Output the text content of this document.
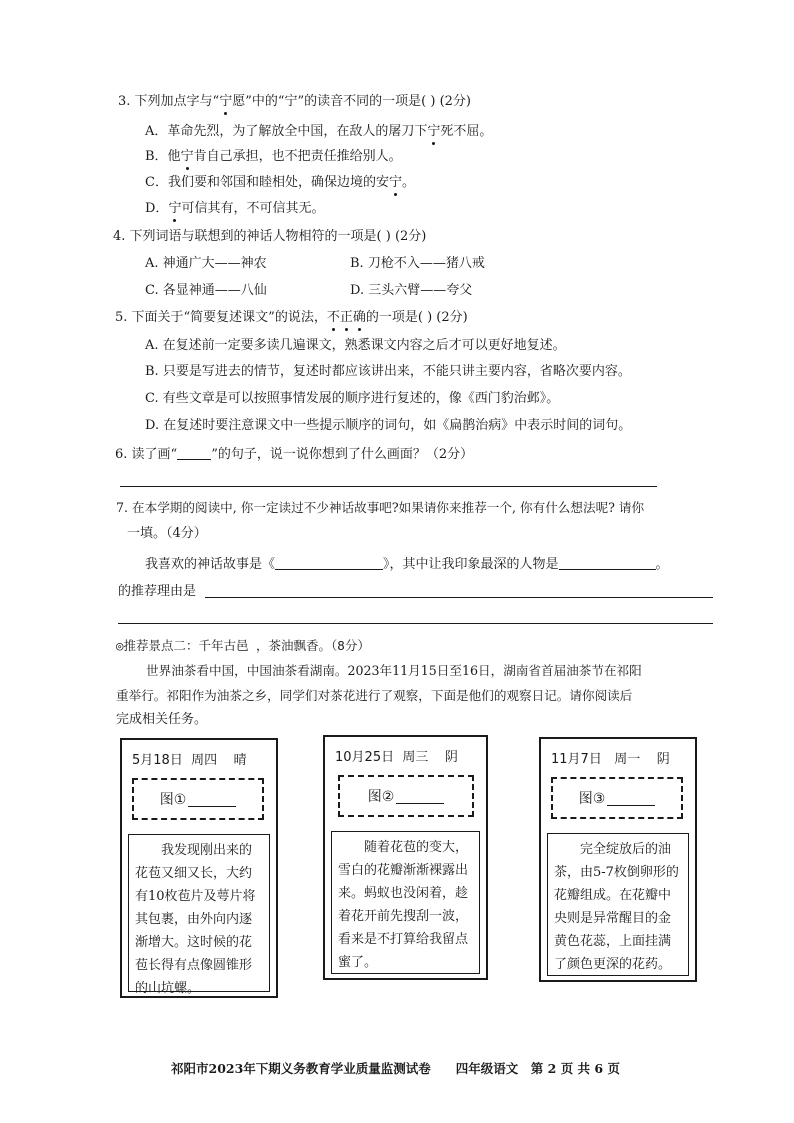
3. 下列加点字与“宁愿”中的“宁”的读音不同的一项是( ) (2分)
A．革命先烈，为了解放全中国，在敌人的屠刀下宁死不屈。
B．他宁肯自己承担，也不把责任推给别人。
C．我们要和邻国和睦相处，确保边境的安宁。
D．宁可信其有，不可信其无。
4. 下列词语与联想到的神话人物相符的一项是( ) (2分)
A. 神通广大——神农	B. 刀枪不入——猪八戒
C. 各显神通——八仙	D. 三头六臂——夸父
5. 下面关于“简要复述课文”的说法，不正确的一项是( ) (2分)
A. 在复述前一定要多读几遍课文，熟悉课文内容之后才可以更好地复述。
B. 只要是写进去的情节，复述时都应该讲出来，不能只讲主要内容，省略次要内容。
C. 有些文章是可以按照事情发展的顺序进行复述的，像《西门豹治邺》。
D. 在复述时要注意课文中一些提示顺序的词句，如《扁鹊治病》中表示时间的词句。
6. 读了画“	”的句子，说一说你想到了什么画面？（2分）
7. 在本学期的阅读中, 你一定读过不少神话故事吧?如果请你来推荐一个, 你有什么想法呢? 请你
一填。（4分）
我喜欢的神话故事是《	》，其中让我印象最深的人物是	。
的推荐理由是
◎推荐景点二：千年古邑 ，茶油飘香。（8分）
世界油茶看中国，中国油茶看湖南。2023年11月15日至16日，湖南省首届油茶节在祁阳
重举行。祁阳作为油茶之乡，同学们对茶花进行了观察，下面是他们的观察日记。请你阅读后
完成相关任务。
5月18日 周四 晴
图①
我发现刚出来的花苞又细又长，大约有10枚苞片及萼片将其包裹，由外向内逐渐增大。这时候的花苞长得有点像圆锥形的山坑螺。
10月25日 周三 阴
图②
随着花苞的变大，雪白的花瓣渐渐裸露出来。蚂蚁也没闲着，趁着花开前先搜刮一波，看来是不打算给我留点蜜了。
11月7日 周一 阴
图③
完全绽放后的油茶，由5-7枚倒卵形的花瓣组成。在花瓣中央则是异常醒目的金黄色花蕊，上面挂满了颜色更深的花药。
祁阳市2023年下期义务教育学业质量监测试卷　　四年级语文　第 2 页 共 6 页
